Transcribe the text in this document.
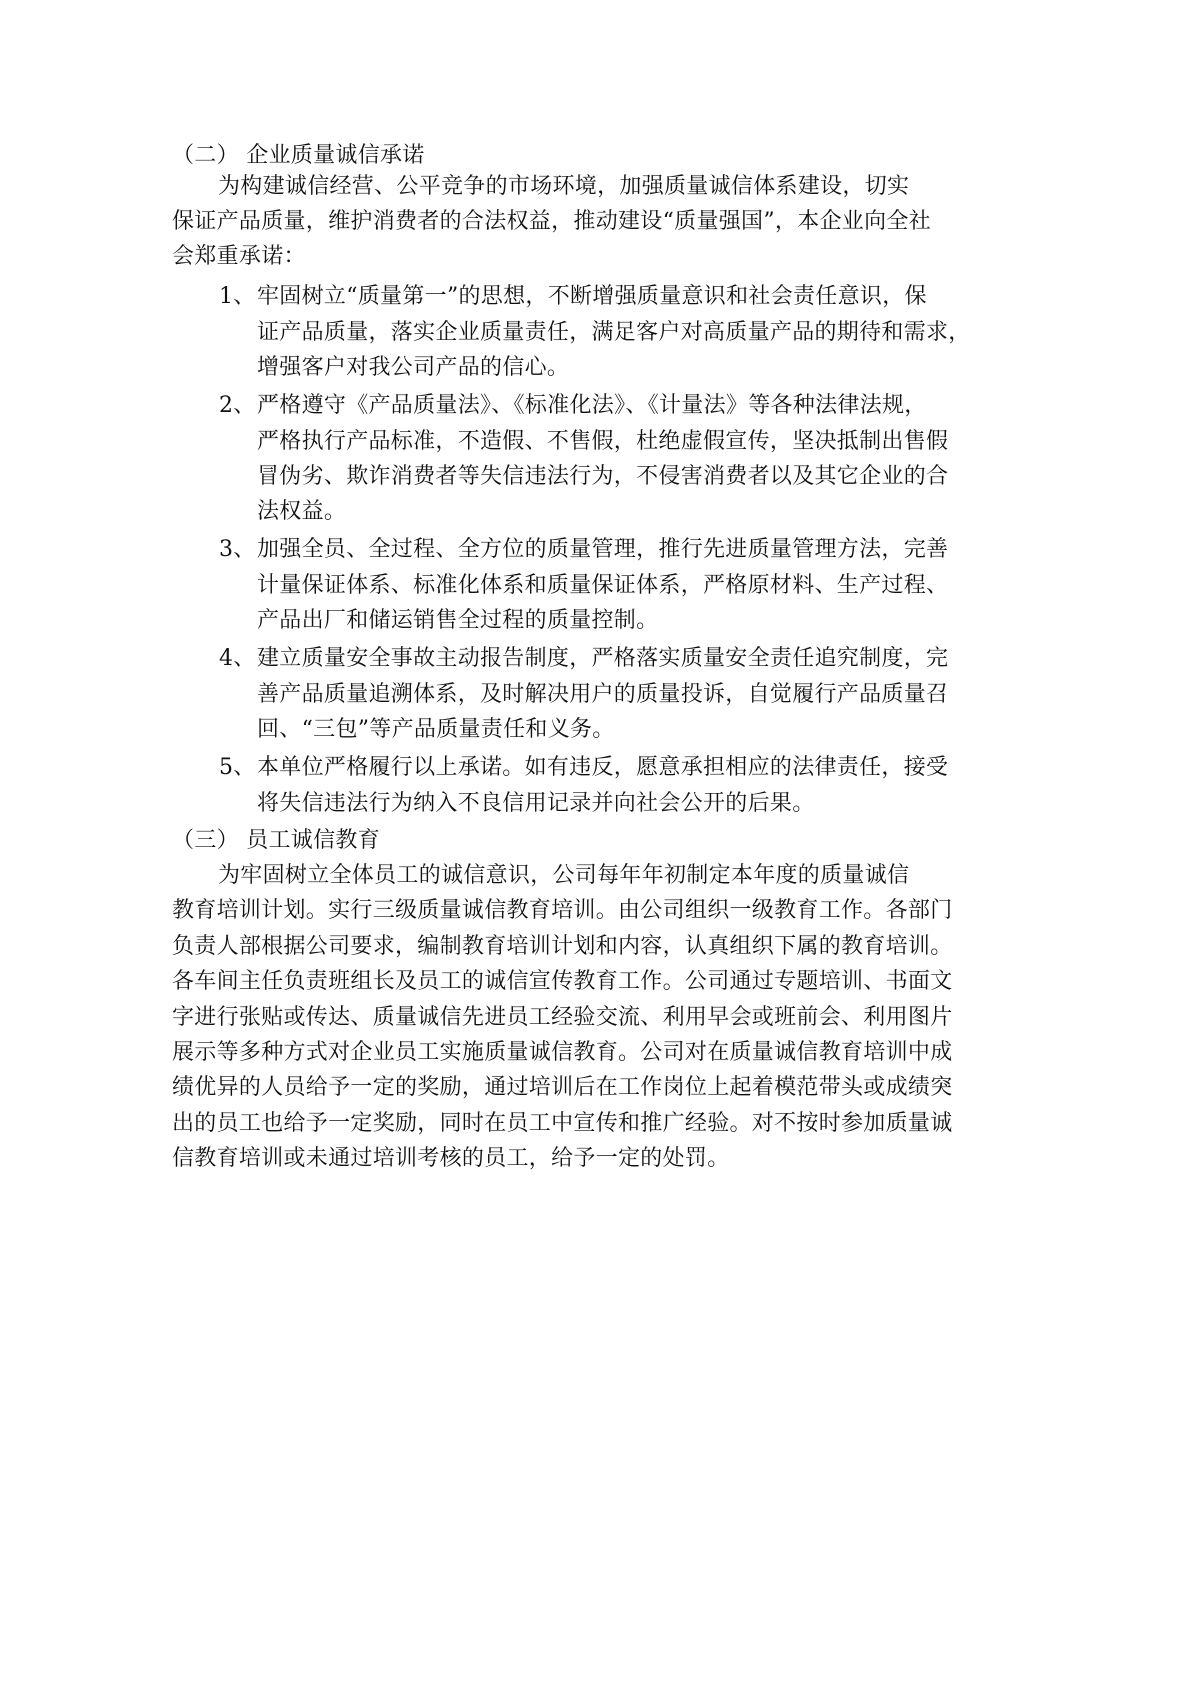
（二） 企业质量诚信承诺

为构建诚信经营、公平竞争的市场环境，加强质量诚信体系建设，切实

保证产品质量，维护消费者的合法权益，推动建设“质量强国”，本企业向全社

会郑重承诺：

1、 牢固树立“质量第一”的思想，不断增强质量意识和社会责任意识，保

证产品质量，落实企业质量责任，满足客户对高质量产品的期待和需求，

增强客户对我公司产品的信心。

2、 严格遵守《产品质量法》、《标准化法》、《计量法》等各种法律法规，

严格执行产品标准，不造假、不售假，杜绝虚假宣传，坚决抵制出售假

冒伪劣、欺诈消费者等失信违法行为，不侵害消费者以及其它企业的合

法权益。

3、 加强全员、全过程、全方位的质量管理，推行先进质量管理方法，完善

计量保证体系、标准化体系和质量保证体系，严格原材料、生产过程、

产品出厂和储运销售全过程的质量控制。

4、 建立质量安全事故主动报告制度，严格落实质量安全责任追究制度，完

善产品质量追溯体系，及时解决用户的质量投诉，自觉履行产品质量召

回、“三包”等产品质量责任和义务。

5、 本单位严格履行以上承诺。如有违反，愿意承担相应的法律责任，接受

将失信违法行为纳入不良信用记录并向社会公开的后果。

（三） 员工诚信教育

为牢固树立全体员工的诚信意识，公司每年年初制定本年度的质量诚信

教育培训计划。实行三级质量诚信教育培训。由公司组织一级教育工作。各部门

负责人部根据公司要求，编制教育培训计划和内容，认真组织下属的教育培训。

各车间主任负责班组长及员工的诚信宣传教育工作。公司通过专题培训、书面文

字进行张贴或传达、质量诚信先进员工经验交流、利用早会或班前会、利用图片

展示等多种方式对企业员工实施质量诚信教育。公司对在质量诚信教育培训中成

绩优异的人员给予一定的奖励，通过培训后在工作岗位上起着模范带头或成绩突

出的员工也给予一定奖励，同时在员工中宣传和推广经验。对不按时参加质量诚

信教育培训或未通过培训考核的员工，给予一定的处罚。
